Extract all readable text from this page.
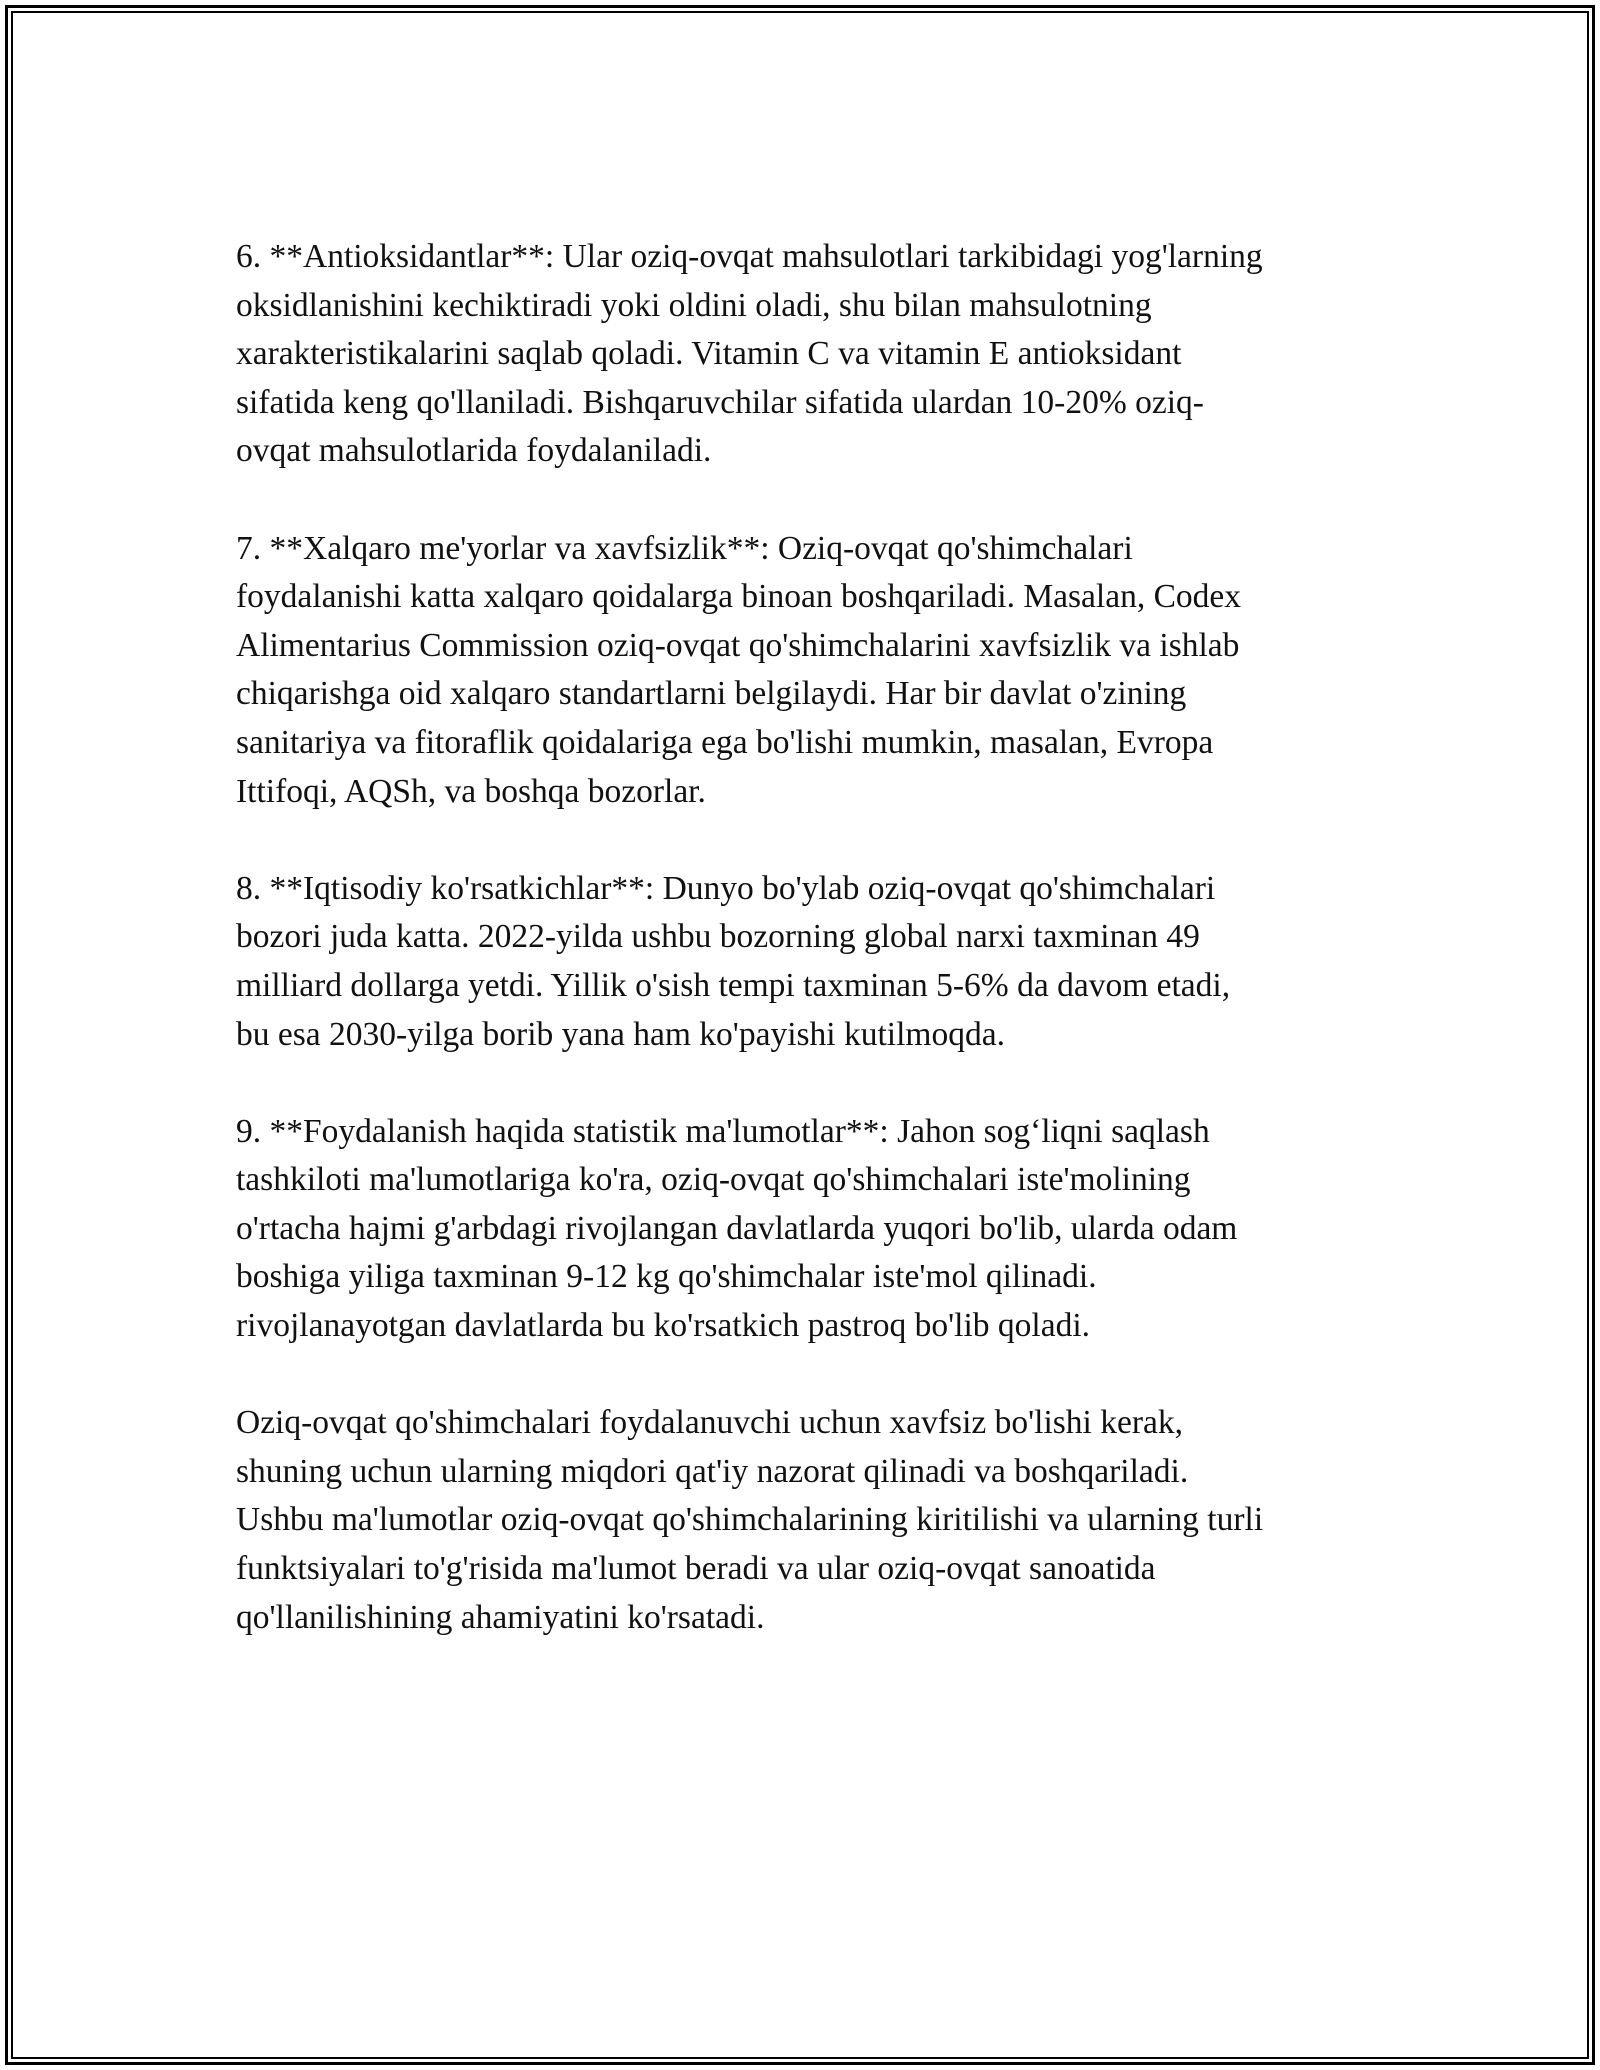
6. **Antioksidantlar**: Ular oziq-ovqat mahsulotlari tarkibidagi yog'larning
oksidlanishini kechiktiradi yoki oldini oladi, shu bilan mahsulotning
xarakteristikalarini saqlab qoladi. Vitamin C va vitamin E antioksidant
sifatida keng qo'llaniladi. Bishqaruvchilar sifatida ulardan 10-20% oziq-
ovqat mahsulotlarida foydalaniladi.

7. **Xalqaro me'yorlar va xavfsizlik**: Oziq-ovqat qo'shimchalari
foydalanishi katta xalqaro qoidalarga binoan boshqariladi. Masalan, Codex
Alimentarius Commission oziq-ovqat qo'shimchalarini xavfsizlik va ishlab
chiqarishga oid xalqaro standartlarni belgilaydi. Har bir davlat o'zining
sanitariya va fitoraflik qoidalariga ega bo'lishi mumkin, masalan, Evropa
Ittifoqi, AQSh, va boshqa bozorlar.

8. **Iqtisodiy ko'rsatkichlar**: Dunyo bo'ylab oziq-ovqat qo'shimchalari
bozori juda katta. 2022-yilda ushbu bozorning global narxi taxminan 49
milliard dollarga yetdi. Yillik o'sish tempi taxminan 5-6% da davom etadi,
bu esa 2030-yilga borib yana ham ko'payishi kutilmoqda.

9. **Foydalanish haqida statistik ma'lumotlar**: Jahon sog‘liqni saqlash
tashkiloti ma'lumotlariga ko'ra, oziq-ovqat qo'shimchalari iste'molining
o'rtacha hajmi g'arbdagi rivojlangan davlatlarda yuqori bo'lib, ularda odam
boshiga yiliga taxminan 9-12 kg qo'shimchalar iste'mol qilinadi.
rivojlanayotgan davlatlarda bu ko'rsatkich pastroq bo'lib qoladi.

Oziq-ovqat qo'shimchalari foydalanuvchi uchun xavfsiz bo'lishi kerak,
shuning uchun ularning miqdori qat'iy nazorat qilinadi va boshqariladi.
Ushbu ma'lumotlar oziq-ovqat qo'shimchalarining kiritilishi va ularning turli
funktsiyalari to'g'risida ma'lumot beradi va ular oziq-ovqat sanoatida
qo'llanilishining ahamiyatini ko'rsatadi.
